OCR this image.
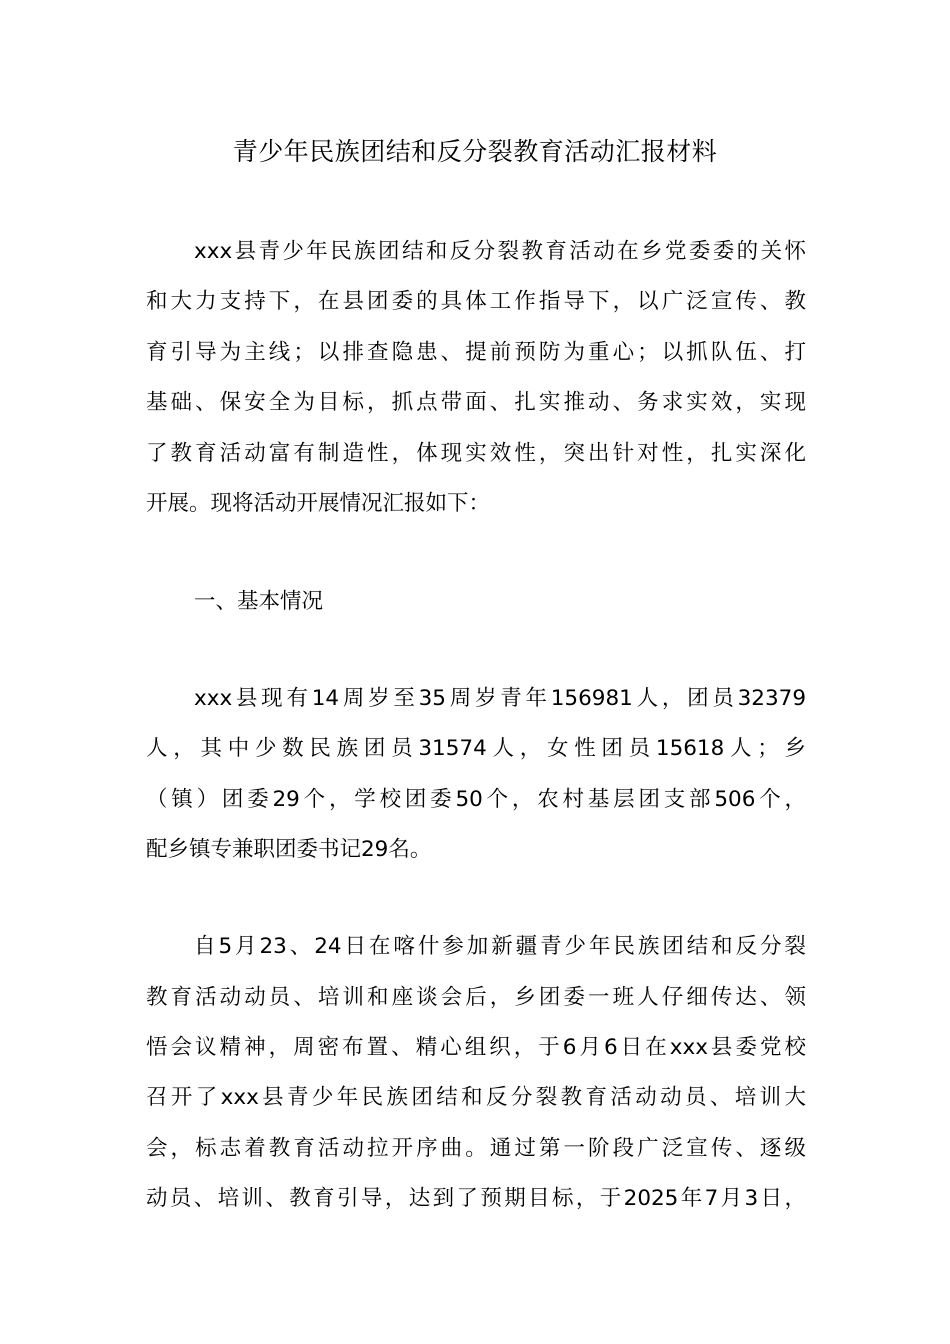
青少年民族团结和反分裂教育活动汇报材料
xxx县青少年民族团结和反分裂教育活动在乡党委委的关怀
和大力支持下，在县团委的具体工作指导下，以广泛宣传、教
育引导为主线；以排查隐患、提前预防为重心；以抓队伍、打
基础、保安全为目标，抓点带面、扎实推动、务求实效，实现
了教育活动富有制造性，体现实效性，突出针对性，扎实深化
开展。现将活动开展情况汇报如下：
一、基本情况
xxx县现有14周岁至35周岁青年156981人，团员32379
人，其中少数民族团员31574人，女性团员15618人；乡
（镇）团委29个，学校团委50个，农村基层团支部506个，
配乡镇专兼职团委书记29名。
自5月23、24日在喀什参加新疆青少年民族团结和反分裂
教育活动动员、培训和座谈会后，乡团委一班人仔细传达、领
悟会议精神，周密布置、精心组织，于6月6日在xxx县委党校
召开了xxx县青少年民族团结和反分裂教育活动动员、培训大
会，标志着教育活动拉开序曲。通过第一阶段广泛宣传、逐级
动员、培训、教育引导，达到了预期目标，于2025年7月3日，
